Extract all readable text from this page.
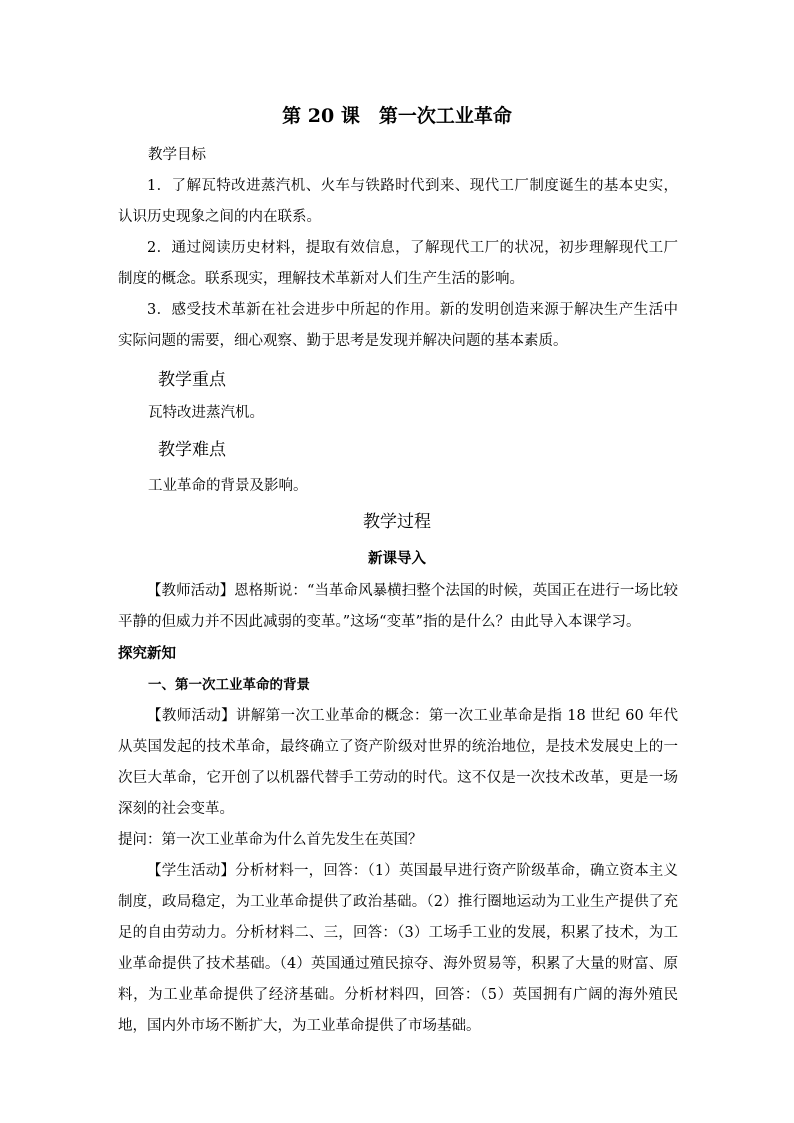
第 20 课　第一次工业革命
教学目标

1．了解瓦特改进蒸汽机、火车与铁路时代到来、现代工厂制度诞生的基本史实，认识历史现象之间的内在联系。

2．通过阅读历史材料，提取有效信息，了解现代工厂的状况，初步理解现代工厂制度的概念。联系现实，理解技术革新对人们生产生活的影响。

3．感受技术革新在社会进步中所起的作用。新的发明创造来源于解决生产生活中实际问题的需要，细心观察、勤于思考是发现并解决问题的基本素质。

教学重点
瓦特改进蒸汽机。
教学难点
工业革命的背景及影响。
教学过程
新课导入

【教师活动】恩格斯说：“当革命风暴横扫整个法国的时候，英国正在进行一场比较平静的但威力并不因此减弱的变革。”这场“变革”指的是什么？由此导入本课学习。

探究新知
一、第一次工业革命的背景

【教师活动】讲解第一次工业革命的概念：第一次工业革命是指 18 世纪 60 年代从英国发起的技术革命，最终确立了资产阶级对世界的统治地位，是技术发展史上的一次巨大革命，它开创了以机器代替手工劳动的时代。这不仅是一次技术改革，更是一场深刻的社会变革。

提问：第一次工业革命为什么首先发生在英国？

【学生活动】分析材料一，回答：（1）英国最早进行资产阶级革命，确立资本主义制度，政局稳定，为工业革命提供了政治基础。（2）推行圈地运动为工业生产提供了充足的自由劳动力。分析材料二、三，回答：（3）工场手工业的发展，积累了技术，为工业革命提供了技术基础。（4）英国通过殖民掠夺、海外贸易等，积累了大量的财富、原料，为工业革命提供了经济基础。分析材料四，回答：（5）英国拥有广阔的海外殖民地，国内外市场不断扩大，为工业革命提供了市场基础。
